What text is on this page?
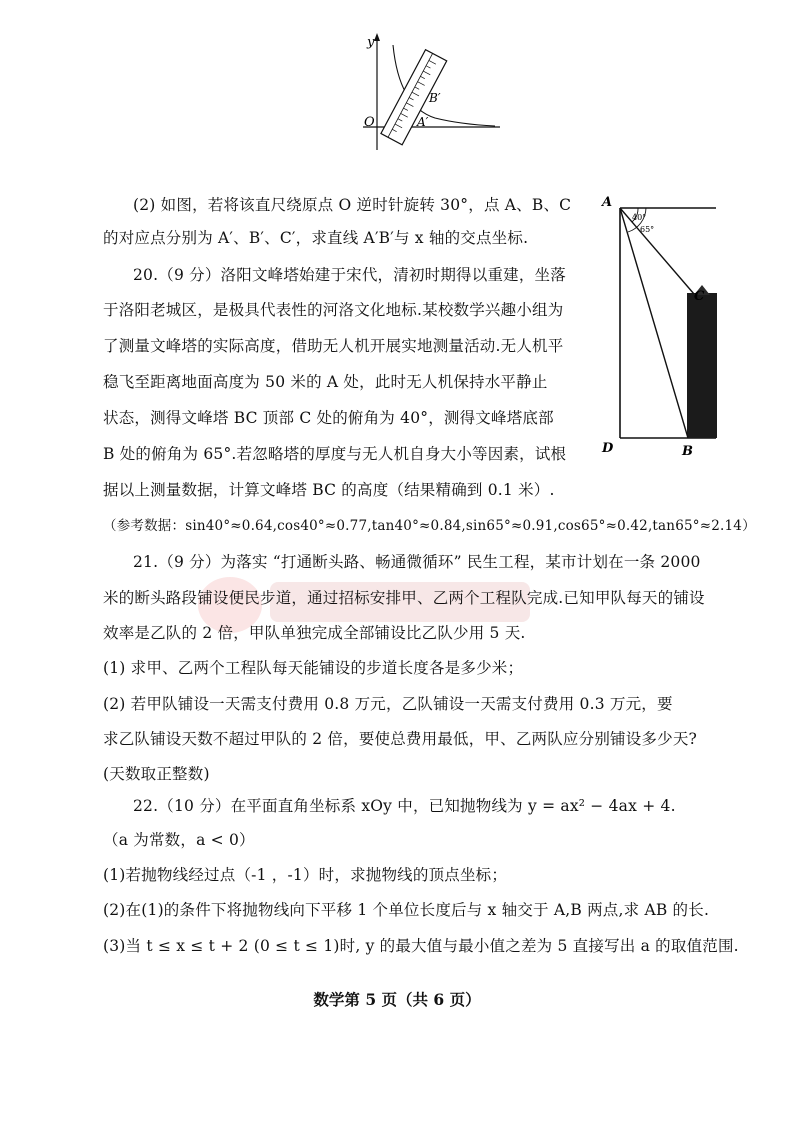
y
O
B′
A′
40°
65°
A
C
D	B
(2) 如图，若将该直尺绕原点 O 逆时针旋转 30°，点 A、B、C
的对应点分别为 A′、B′、C′，求直线 A′B′与 x 轴的交点坐标.
20.（9 分）洛阳文峰塔始建于宋代，清初时期得以重建，坐落
于洛阳老城区，是极具代表性的河洛文化地标.某校数学兴趣小组为
了测量文峰塔的实际高度，借助无人机开展实地测量活动.无人机平
稳飞至距离地面高度为 50 米的 A 处，此时无人机保持水平静止
状态，测得文峰塔 BC 顶部 C 处的俯角为 40°，测得文峰塔底部
B 处的俯角为 65°.若忽略塔的厚度与无人机自身大小等因素，试根
据以上测量数据，计算文峰塔 BC 的高度（结果精确到 0.1 米）.
（参考数据：sin40°≈0.64,cos40°≈0.77,tan40°≈0.84,sin65°≈0.91,cos65°≈0.42,tan65°≈2.14）
21.（9 分）为落实 “打通断头路、畅通微循环” 民生工程，某市计划在一条 2000
米的断头路段铺设便民步道，通过招标安排甲、乙两个工程队完成.已知甲队每天的铺设
效率是乙队的 2 倍，甲队单独完成全部铺设比乙队少用 5 天.
(1) 求甲、乙两个工程队每天能铺设的步道长度各是多少米；
(2) 若甲队铺设一天需支付费用 0.8 万元，乙队铺设一天需支付费用 0.3 万元，要
求乙队铺设天数不超过甲队的 2 倍，要使总费用最低，甲、乙两队应分别铺设多少天?
(天数取正整数)
22.（10 分）在平面直角坐标系 xOy 中，已知抛物线为 y = ax² − 4ax + 4.
（a 为常数，a < 0）
(1)若抛物线经过点（-1 ，-1）时，求抛物线的顶点坐标；
(2)在(1)的条件下将抛物线向下平移 1 个单位长度后与 x 轴交于 A,B 两点,求 AB 的长.
(3)当 t ≤ x ≤ t + 2 (0 ≤ t ≤ 1)时, y 的最大值与最小值之差为 5 直接写出 a 的取值范围.
数学第 5 页（共 6 页）
